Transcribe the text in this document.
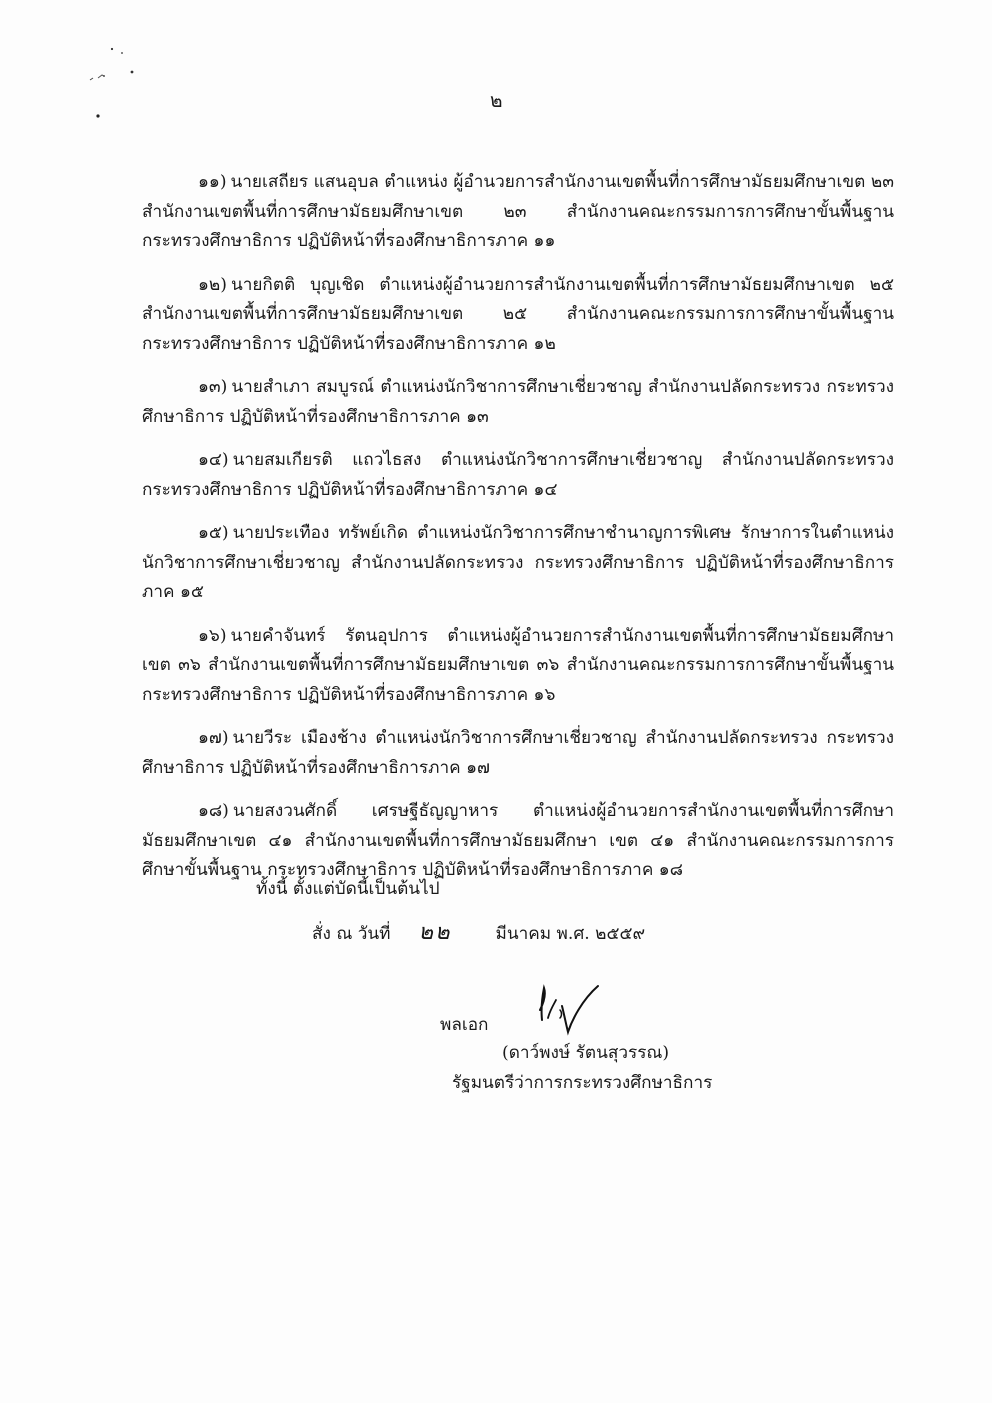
๒

๑๑) นายเสถียร แสนอุบล ตำแหน่ง ผู้อำนวยการสำนักงานเขตพื้นที่การศึกษามัธยมศึกษาเขต ๒๓ สำนักงานเขตพื้นที่การศึกษามัธยมศึกษาเขต ๒๓ สำนักงานคณะกรรมการการศึกษาขั้นพื้นฐาน กระทรวงศึกษาธิการ ปฏิบัติหน้าที่รองศึกษาธิการภาค ๑๑

๑๒) นายกิตติ บุญเชิด ตำแหน่งผู้อำนวยการสำนักงานเขตพื้นที่การศึกษามัธยมศึกษาเขต ๒๕ สำนักงานเขตพื้นที่การศึกษามัธยมศึกษาเขต ๒๕ สำนักงานคณะกรรมการการศึกษาขั้นพื้นฐาน กระทรวงศึกษาธิการ ปฏิบัติหน้าที่รองศึกษาธิการภาค ๑๒

๑๓) นายสำเภา สมบูรณ์ ตำแหน่งนักวิชาการศึกษาเชี่ยวชาญ สำนักงานปลัดกระทรวง กระทรวงศึกษาธิการ ปฏิบัติหน้าที่รองศึกษาธิการภาค ๑๓

๑๔) นายสมเกียรติ แถวไธสง ตำแหน่งนักวิชาการศึกษาเชี่ยวชาญ สำนักงานปลัดกระทรวง กระทรวงศึกษาธิการ ปฏิบัติหน้าที่รองศึกษาธิการภาค ๑๔

๑๕) นายประเทือง ทรัพย์เกิด ตำแหน่งนักวิชาการศึกษาชำนาญการพิเศษ รักษาการในตำแหน่งนักวิชาการศึกษาเชี่ยวชาญ สำนักงานปลัดกระทรวง กระทรวงศึกษาธิการ ปฏิบัติหน้าที่รองศึกษาธิการภาค ๑๕

๑๖) นายคำจันทร์ รัตนอุปการ ตำแหน่งผู้อำนวยการสำนักงานเขตพื้นที่การศึกษามัธยมศึกษาเขต ๓๖ สำนักงานเขตพื้นที่การศึกษามัธยมศึกษาเขต ๓๖ สำนักงานคณะกรรมการการศึกษาขั้นพื้นฐาน กระทรวงศึกษาธิการ ปฏิบัติหน้าที่รองศึกษาธิการภาค ๑๖

๑๗) นายวีระ เมืองช้าง ตำแหน่งนักวิชาการศึกษาเชี่ยวชาญ สำนักงานปลัดกระทรวง กระทรวงศึกษาธิการ ปฏิบัติหน้าที่รองศึกษาธิการภาค ๑๗

๑๘) นายสงวนศักดิ์ เศรษฐีธัญญาหาร ตำแหน่งผู้อำนวยการสำนักงานเขตพื้นที่การศึกษามัธยมศึกษาเขต ๔๑ สำนักงานเขตพื้นที่การศึกษามัธยมศึกษา เขต ๔๑ สำนักงานคณะกรรมการการศึกษาขั้นพื้นฐาน กระทรวงศึกษาธิการ ปฏิบัติหน้าที่รองศึกษาธิการภาค ๑๘

ทั้งนี้ ตั้งแต่บัดนี้เป็นต้นไป
สั่ง ณ วันที่ ๒๒	มีนาคม พ.ศ. ๒๕๕๙
พลเอก
(ดาว์พงษ์ รัตนสุวรรณ)
รัฐมนตรีว่าการกระทรวงศึกษาธิการ
